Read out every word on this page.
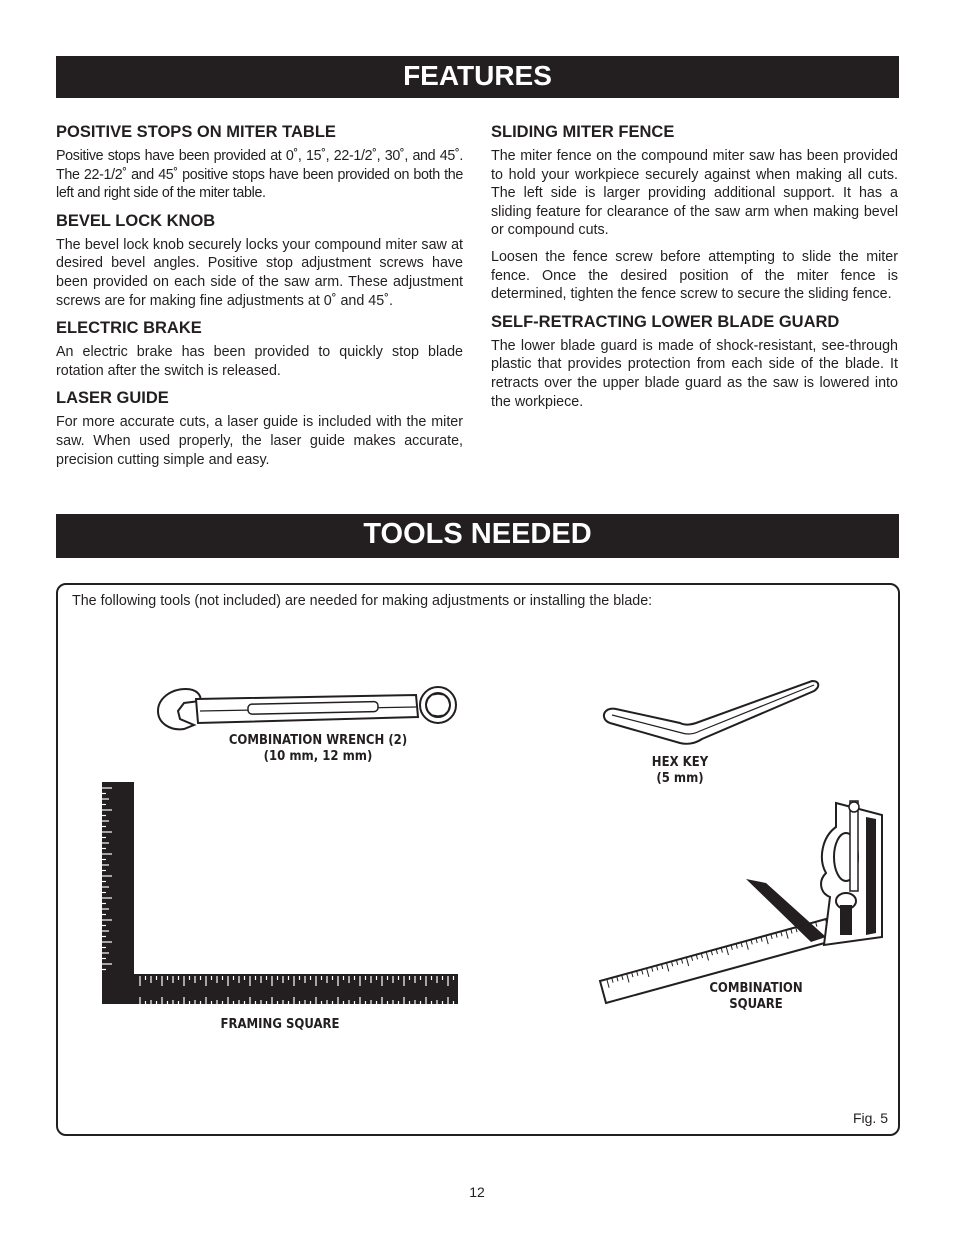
FEATURES
POSITIVE STOPS ON MITER TABLE

Positive stops have been provided at 0˚, 15˚, 22-1/2˚, 30˚, and 45˚. The 22-1/2˚ and 45˚ positive stops have been provided on both the left and right side of the miter table.

BEVEL LOCK KNOB

The bevel lock knob securely locks your compound miter saw at desired bevel angles. Positive stop adjustment screws have been provided on each side of the saw arm. These adjustment screws are for making fine adjustments at 0˚ and 45˚.

ELECTRIC BRAKE

An electric brake has been provided to quickly stop blade rotation after the switch is released.

LASER GUIDE

For more accurate cuts, a laser guide is included with the miter saw. When used properly, the laser guide makes accurate, precision cutting simple and easy.

SLIDING MITER FENCE

The miter fence on the compound miter saw has been provided to hold your workpiece securely against when making all cuts. The left side is larger providing additional support. It has a sliding feature for clearance of the saw arm when making bevel or compound cuts.

Loosen the fence screw before attempting to slide the miter fence. Once the desired position of the miter fence is determined, tighten the fence screw to secure the sliding fence.

SELF-RETRACTING LOWER BLADE GUARD

The lower blade guard is made of shock-resistant, see-through plastic that provides protection from each side of the blade. It retracts over the upper blade guard as the saw is lowered into the workpiece.

TOOLS NEEDED
The following tools (not included) are needed for making adjustments or installing the blade:
COMBINATION WRENCH (2)
(10 mm, 12 mm)	HEX KEY
(5 mm)
FRAMING SQUARE
COMBINATION
SQUARE
Fig. 5
12
